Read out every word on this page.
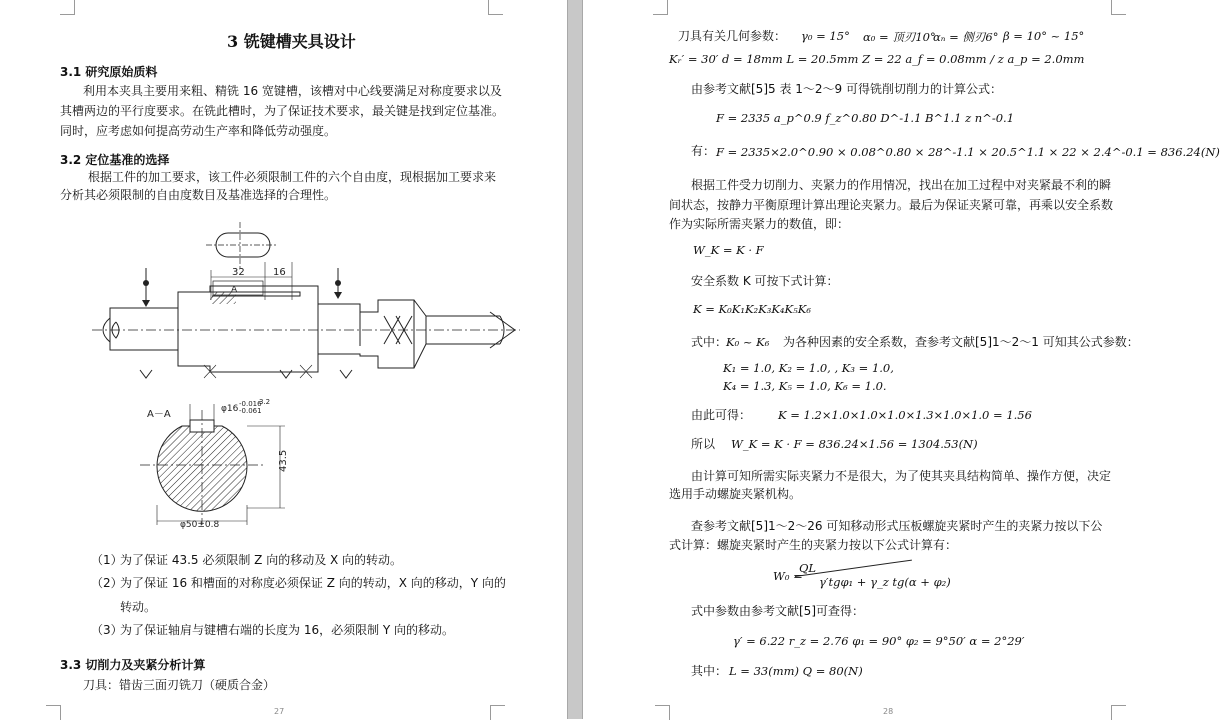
3 铣键槽夹具设计
3.1 研究原始质料
利用本夹具主要用来粗、精铣 16 宽键槽，该槽对中心线要满足对称度要求以及
其槽两边的平行度要求。在铣此槽时，为了保证技术要求，最关键是找到定位基准。
同时，应考虑如何提高劳动生产率和降低劳动强度。
3.2 定位基准的选择
根据工件的加工要求，该工件必须限制工件的六个自由度，现根据加工要求来
分析其必须限制的自由度数目及基准选择的合理性。
A
32	16
A－A	φ16 -0.016
-0.061
3.2
43.5
φ50±0.8
（1）
为了保证 43.5 必须限制 Z 向的移动及 X 向的转动。
（2）
为了保证 16 和槽面的对称度必须保证 Z 向的转动，X 向的移动，Y 向的
转动。
（3）
为了保证轴肩与键槽右端的长度为 16，必须限制 Y 向的移动。
3.3 切削力及夹紧分析计算
刀具：错齿三面刃铣刀（硬质合金）
27
刀具有关几何参数： γ₀ = 15° α₀ = 顶刃10°
αₙ = 侧刃6° β = 10° ~ 15°
Kᵣ′ = 30′ d = 18mm L = 20.5mm Z = 22 a_f = 0.08mm / z a_p = 2.0mm
由参考文献[5]5 表 1～2～9 可得铣削切削力的计算公式：
F = 2335 a_p^0.9 f_z^0.80 D^-1.1 B^1.1 z n^-0.1
有： F = 2335×2.0^0.90 × 0.08^0.80 × 28^-1.1 × 20.5^1.1 × 22 × 2.4^-0.1 = 836.24(N)
根据工件受力切削力、夹紧力的作用情况，找出在加工过程中对夹紧最不利的瞬
间状态，按静力平衡原理计算出理论夹紧力。最后为保证夹紧可靠，再乘以安全系数
作为实际所需夹紧力的数值，即：
W_K = K · F
安全系数 K 可按下式计算：
K = K₀K₁K₂K₃K₄K₅K₆
式中：
K₀ ~ K₆ 为各种因素的安全系数，查参考文献[5]1～2～1 可知其公式参数：
K₁ = 1.0, K₂ = 1.0, , K₃ = 1.0,
K₄ = 1.3, K₅ = 1.0, K₆ = 1.0.
由此可得： K = 1.2×1.0×1.0×1.0×1.3×1.0×1.0 = 1.56
所以 W_K = K · F = 836.24×1.56 = 1304.53(N)
由计算可知所需实际夹紧力不是很大，为了使其夹具结构简单、操作方便，决定
选用手动螺旋夹紧机构。
查参考文献[5]1～2～26 可知移动形式压板螺旋夹紧时产生的夹紧力按以下公
式计算：螺旋夹紧时产生的夹紧力按以下公式计算有：
W₀ =
QL
γ′tgφ₁ + γ_z tg(α + φ₂)
式中参数由参考文献[5]可查得：
γ′ = 6.22 r_z = 2.76 φ₁ = 90° φ₂ = 9°50′ α = 2°29′
其中： L = 33(mm) Q = 80(N)
28
